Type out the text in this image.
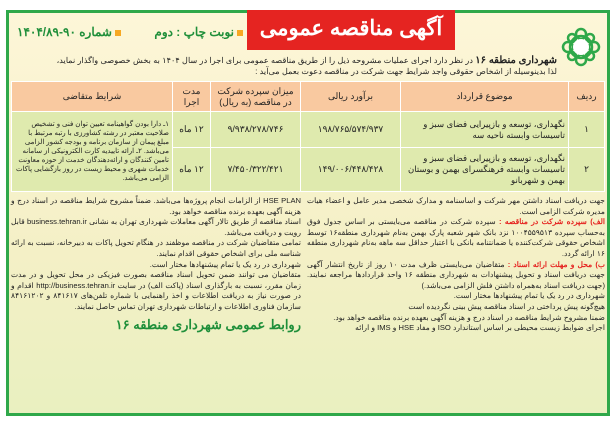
آگهی مناقصه عمومی
نوبت چاپ : دوم
شماره ۹۰-۱۴۰۴/۸۹
شهرداری منطقه ۱۶ در نظر دارد اجرای عملیات مشروحه ذیل را از طریق مناقصه عمومی برای اجرا در سال ۱۴۰۴ به بخش خصوصی واگذار نماید،
لذا بدینوسیله از اشخاص حقوقی واجد شرایط جهت شرکت در مناقصه دعوت بعمل می‌آید :
ردیف	موضوع قرارداد	برآورد ریالی	میزان سپرده شرکت در مناقصه (به ریال)	مدت اجرا	شرایط متقاضی
۱	نگهداری، توسعه و بازپیرایی فضای سبز و تاسیسات وابسته ناحیه سه	۱۹۸/۷۶۵/۵۷۴/۹۳۷	۹/۹۳۸/۲۷۸/۷۴۶	۱۲ ماه	۱ـ دارا بودن گواهینامه تعیین توان فنی و تشخیص صلاحیت معتبر در رشته کشاورزی با رتبه مرتبط با مبلغ پیمان از سازمان برنامه و بودجه کشور الزامی می‌باشد. ۲ـ ارائه تاییدیه کارت الکترونیکی از سامانه تامین کنندگان و ارائه‌دهندگان خدمت از حوزه معاونت خدمات شهری و محیط زیست در روز بازگشایی پاکات الزامی می‌باشد.
۲	نگهداری، توسعه و بازپیرایی فضای سبز و تاسیسات وابسته فرهنگسرای بهمن و بوستان بهمن و شهربانو	۱۴۹/۰۰۶/۴۴۸/۴۲۸	۷/۴۵۰/۳۲۲/۴۲۱	۱۲ ماه	

جهت دریافت اسناد داشتن مهر شرکت و اساسنامه و مدارک شخصی مدیر عامل و اعضاء هیات مدیره شرکت الزامی است.

الف) سپرده شرکت در مناقصه : سپرده شرکت در مناقصه می‌بایستی بر اساس جدول فوق به‌حساب سپرده ۱۰۰۴۵۵۹۵۱۳ نزد بانک شهر شعبه پارک بهمن به‌نام شهرداری منطقه۱۶ توسط اشخاص حقوقی شرکت‌کننده یا ضمانتنامه بانکی با اعتبار حداقل سه ماهه به‌نام شهرداری منطقه ۱۶ ارائه گردد.

ب) محل و مهلت ارائه اسناد : متقاضیان می‌بایستی ظرف مدت ۱۰ روز از تاریخ انتشار آگهی جهت دریافت اسناد و تحویل پیشنهادات به شهرداری منطقه ۱۶ واحد قراردادها مراجعه نمایند. (جهت دریافت اسناد به‌همراه داشتن فلش الزامی می‌باشد.)

شهرداری در رد یک یا تمام پیشنهادها مختار است.

هیچ‌گونه پیش پرداختی در اسناد مناقصه پیش بینی نگردیده است

ضمنا مشروح شرایط مناقصه در اسناد درج و هزینه آگهی بعهده برنده مناقصه خواهد بود.

اجرای ضوابط زیست محیطی بر اساس استاندارد ISO و مفاد HSE و IMS و ارائه

HSE PLAN از الزامات انجام پروژه‌ها می‌باشد. ضمناً مشروح شرایط مناقصه در اسناد درج و هزینه آگهی بعهده برنده مناقصه خواهد بود.

اسناد مناقصه از طریق تالار آگهی معاملات شهرداری تهران به نشانی business.tehran.ir قابل رویت و دریافت می‌باشد.

تمامی متقاضیان شرکت در مناقصه موظفند در هنگام تحویل پاکات به دبیرخانه، نسبت به ارائه شناسه ملی برای اشخاص حقوقی اقدام نمایند.

شهرداری در رد یک یا تمام پیشنهادها مختار است.

متقاضیان می توانند ضمن تحویل اسناد مناقصه بصورت فیزیکی در محل تحویل و در مدت زمان مقرر، نسبت به بارگذاری اسناد (پاکت الف) در سایت http://business.tehran.ir اقدام و در صورت نیاز به دریافت اطلاعات و اخذ راهنمایی با شماره تلفن‌های ۸۴۱۶۱۷ و ۸۴۱۶۱۲۰۲ سازمان فناوری اطلاعات و ارتباطات شهرداری تهران تماس حاصل نمایند.

روابط عمومی شهرداری منطقه ۱۶
